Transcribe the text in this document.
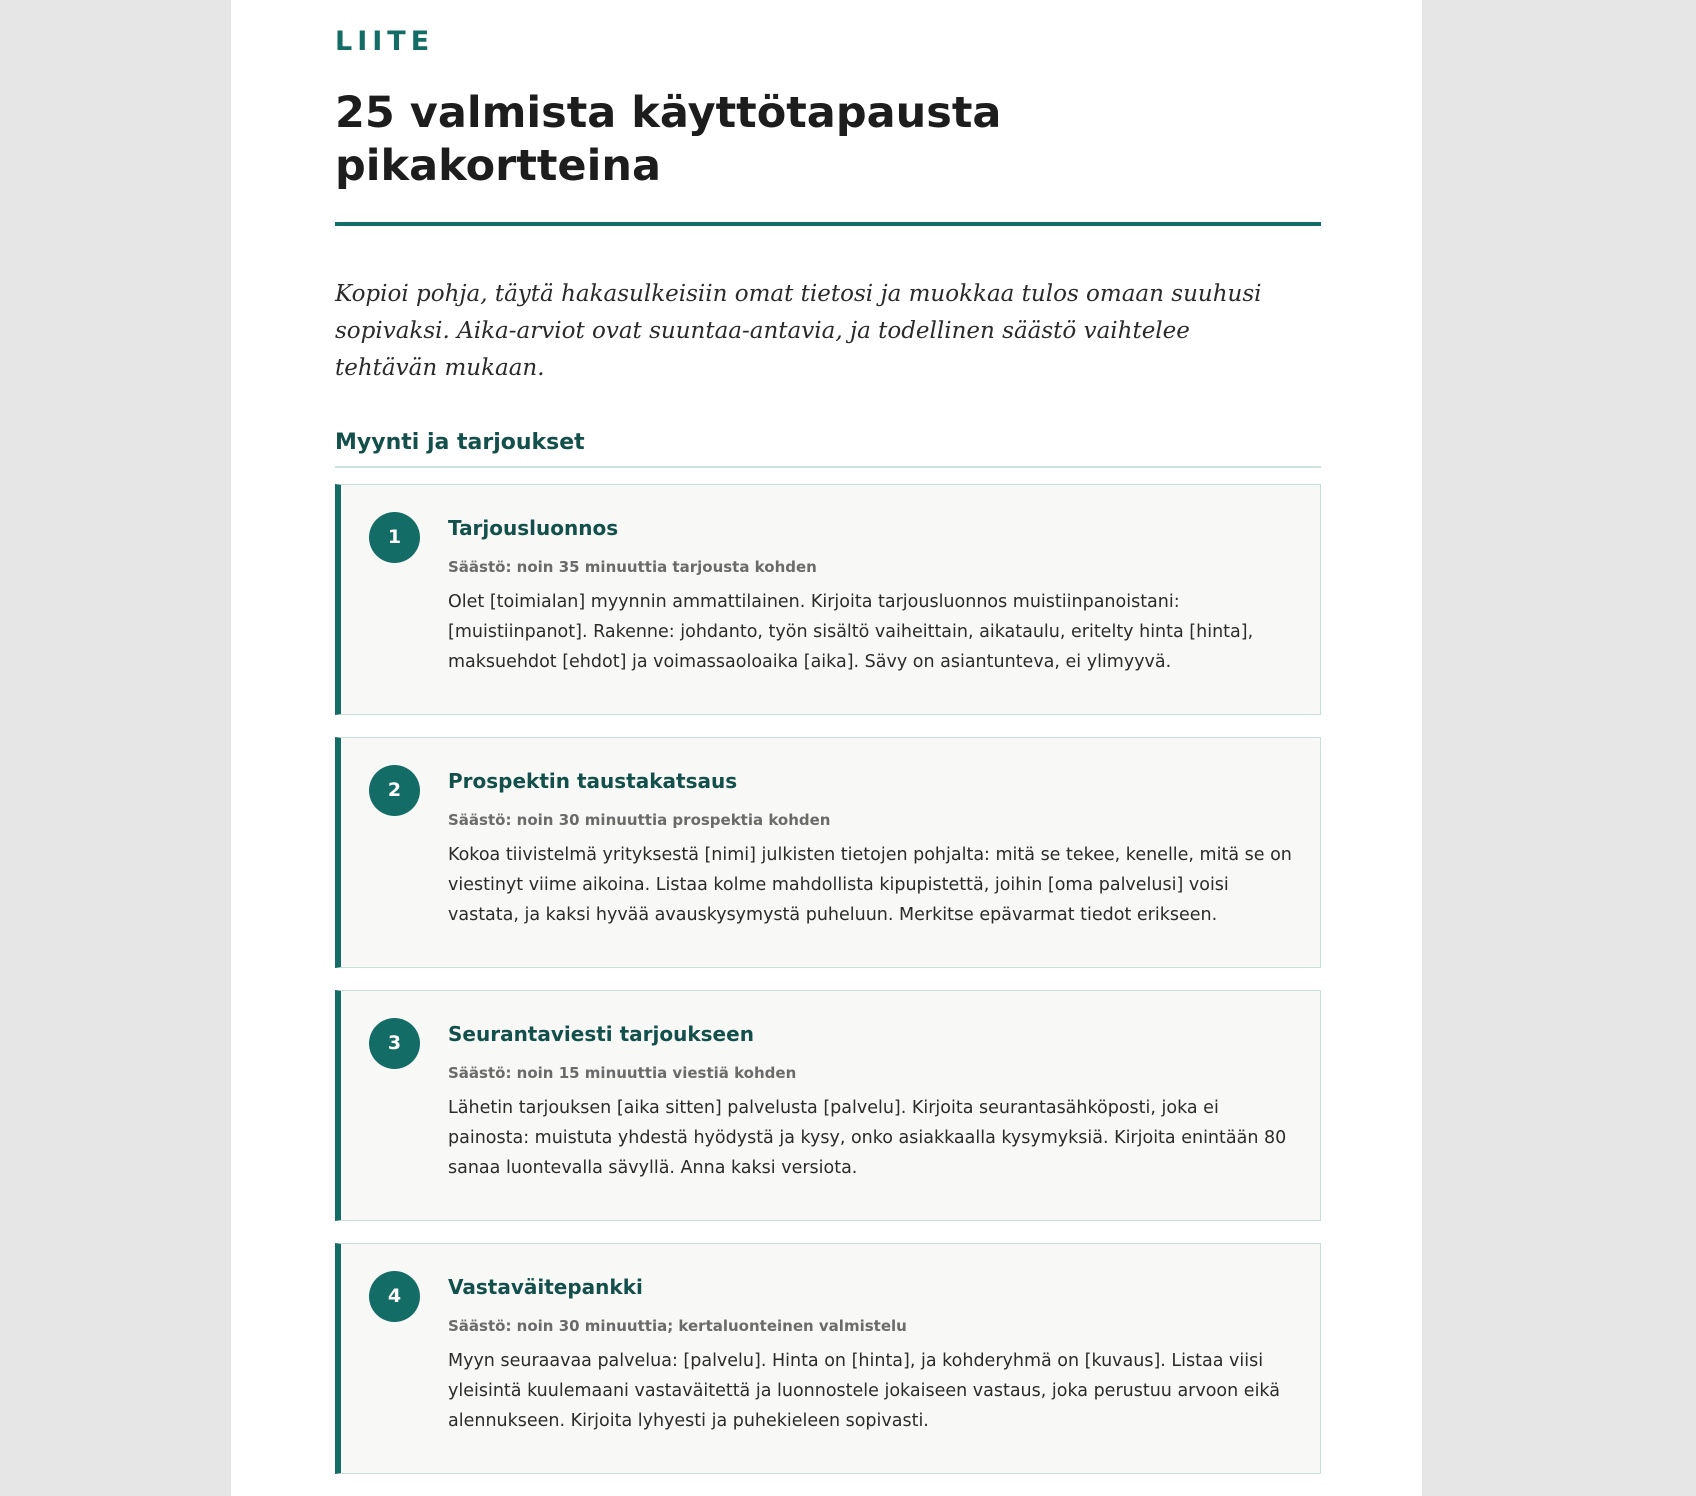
LIITE

25 valmista käyttötapausta pikakortteina

Kopioi pohja, täytä hakasulkeisiin omat tietosi ja muokkaa tulos omaan suuhusi sopivaksi. Aika-arviot ovat suuntaa-antavia, ja todellinen säästö vaihtelee tehtävän mukaan.

Myynti ja tarjoukset
1	Tarjousluonnos

Säästö: noin 35 minuuttia tarjousta kohden

Olet [toimialan] myynnin ammattilainen. Kirjoita tarjousluonnos muistiinpanoistani: [muistiinpanot]. Rakenne: johdanto, työn sisältö vaiheittain, aikataulu, eritelty hinta [hinta], maksuehdot [ehdot] ja voimassaoloaika [aika]. Sävy on asiantunteva, ei ylimyyvä.

2	Prospektin taustakatsaus

Säästö: noin 30 minuuttia prospektia kohden

Kokoa tiivistelmä yrityksestä [nimi] julkisten tietojen pohjalta: mitä se tekee, kenelle, mitä se on viestinyt viime aikoina. Listaa kolme mahdollista kipupistettä, joihin [oma palvelusi] voisi vastata, ja kaksi hyvää avauskysymystä puheluun. Merkitse epävarmat tiedot erikseen.

3	Seurantaviesti tarjoukseen

Säästö: noin 15 minuuttia viestiä kohden

Lähetin tarjouksen [aika sitten] palvelusta [palvelu]. Kirjoita seurantasähköposti, joka ei painosta: muistuta yhdestä hyödystä ja kysy, onko asiakkaalla kysymyksiä. Kirjoita enintään 80 sanaa luontevalla sävyllä. Anna kaksi versiota.

4	Vastaväitepankki

Säästö: noin 30 minuuttia; kertaluonteinen valmistelu

Myyn seuraavaa palvelua: [palvelu]. Hinta on [hinta], ja kohderyhmä on [kuvaus]. Listaa viisi yleisintä kuulemaani vastaväitettä ja luonnostele jokaiseen vastaus, joka perustuu arvoon eikä alennukseen. Kirjoita lyhyesti ja puhekieleen sopivasti.
